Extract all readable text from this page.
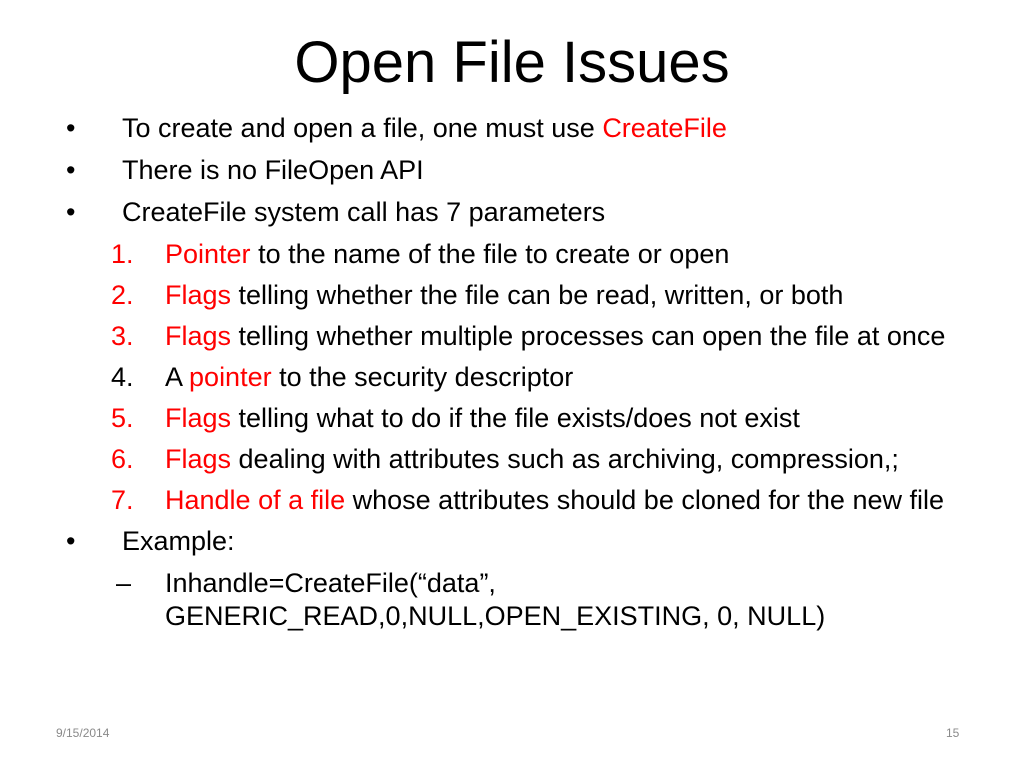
Open File Issues
• To create and open a file, one must use CreateFile
• There is no FileOpen API
• CreateFile system call has 7 parameters
1. Pointer to the name of the file to create or open
2. Flags telling whether the file can be read, written, or both
3. Flags telling whether multiple processes can open the file at once
4. A pointer to the security descriptor
5. Flags telling what to do if the file exists/does not exist
6. Flags dealing with attributes such as archiving, compression,;
7. Handle of a file whose attributes should be cloned for the new file
• Example:
– Inhandle=CreateFile(“data”,
GENERIC_READ,0,NULL,OPEN_EXISTING, 0, NULL)
9/15/2014	15
